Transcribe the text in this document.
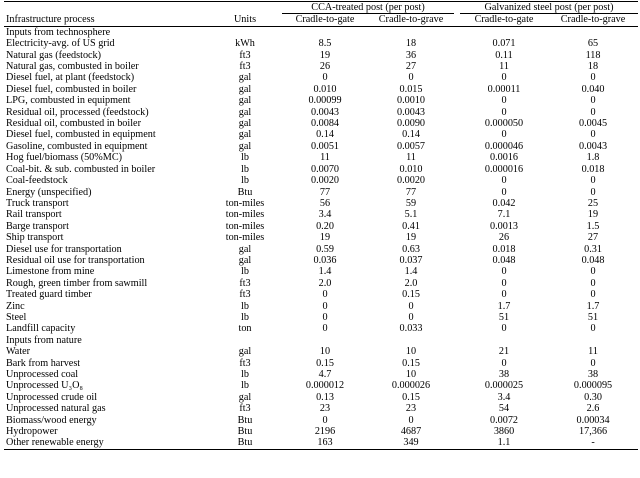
		CCA-treated post (per post)			Galvanized steel post (per post)	
Infrastructure process	Units	Cradle-to-gate	Cradle-to-grave		Cradle-to-gate	Cradle-to-grave
Inputs from technosphere						
Electricity-avg. of US grid	kWh	8.5	18		0.071	65
Natural gas (feedstock)	ft3	19	36		0.11	118
Natural gas, combusted in boiler	ft3	26	27		11	18
Diesel fuel, at plant (feedstock)	gal	0	0		0	0
Diesel fuel, combusted in boiler	gal	0.010	0.015		0.00011	0.040
LPG, combusted in equipment	gal	0.00099	0.0010		0	0
Residual oil, processed (feedstock)	gal	0.0043	0.0043		0	0
Residual oil, combusted in boiler	gal	0.0084	0.0090		0.000050	0.0045
Diesel fuel, combusted in equipment	gal	0.14	0.14		0	0
Gasoline, combusted in equipment	gal	0.0051	0.0057		0.000046	0.0043
Hog fuel/biomass (50%MC)	lb	11	11		0.0016	1.8
Coal-bit. & sub. combusted in boiler	lb	0.0070	0.010		0.000016	0.018
Coal-feedstock	lb	0.0020	0.0020		0	0
Energy (unspecified)	Btu	77	77		0	0
Truck transport	ton-miles	56	59		0.042	25
Rail transport	ton-miles	3.4	5.1		7.1	19
Barge transport	ton-miles	0.20	0.41		0.0013	1.5
Ship transport	ton-miles	19	19		26	27
Diesel use for transportation	gal	0.59	0.63		0.018	0.31
Residual oil use for transportation	gal	0.036	0.037		0.048	0.048
Limestone from mine	lb	1.4	1.4		0	0
Rough, green timber from sawmill	ft3	2.0	2.0		0	0
Treated guard timber	ft3	0	0.15		0	0
Zinc	lb	0	0		1.7	1.7
Steel	lb	0	0		51	51
Landfill capacity	ton	0	0.033		0	0
Inputs from nature						
Water	gal	10	10		21	11
Bark from harvest	ft3	0.15	0.15		0	0
Unprocessed coal	lb	4.7	10		38	38
Unprocessed U₃O₈	lb	0.000012	0.000026		0.000025	0.000095
Unprocessed crude oil	gal	0.13	0.15		3.4	0.30
Unprocessed natural gas	ft3	23	23		54	2.6
Biomass/wood energy	Btu	0	0		0.0072	0.00034
Hydropower	Btu	2196	4687		3860	17,366
Other renewable energy	Btu	163	349		1.1	-
